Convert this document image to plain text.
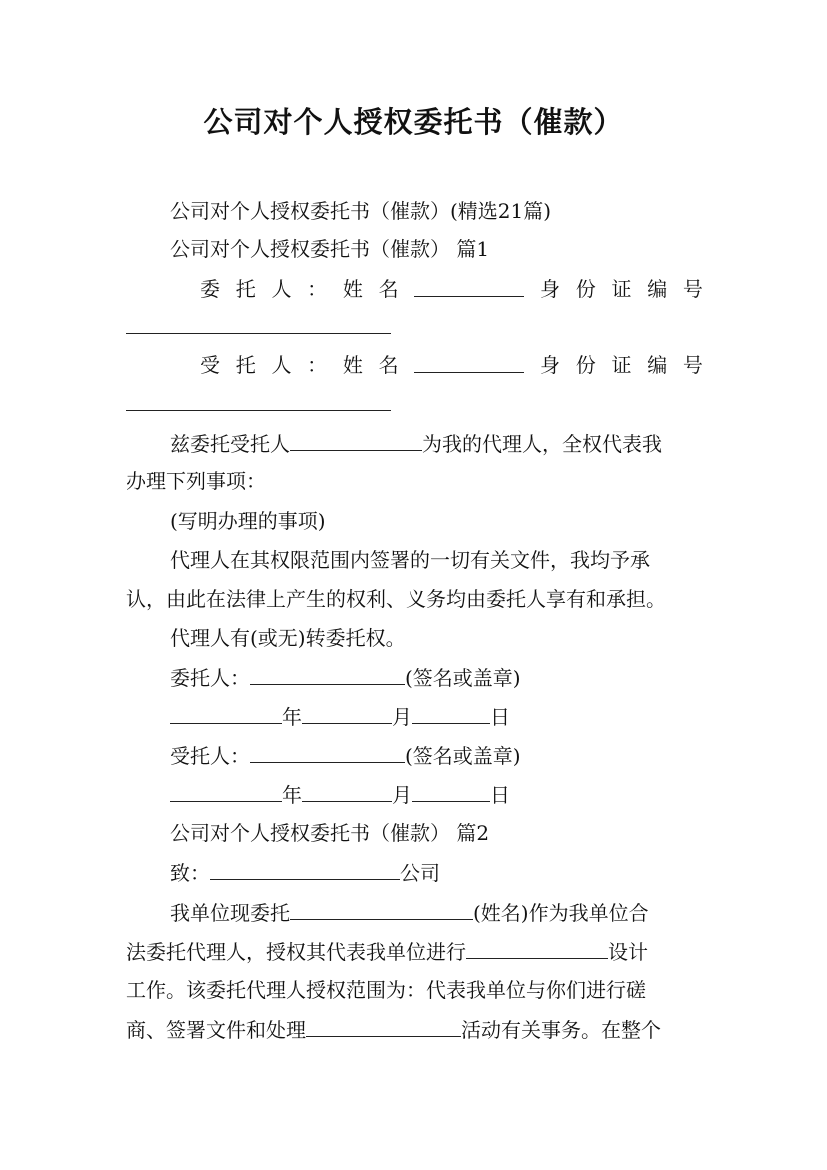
公司对个人授权委托书（催款）
公司对个人授权委托书（催款）(精选21篇)
公司对个人授权委托书（催款） 篇1
委 托 人 ： 姓 名	身 份 证 编 号
受 托 人 ： 姓 名	身 份 证 编 号
兹委托受托人	为我的代理人，全权代表我
办理下列事项：
(写明办理的事项)
代理人在其权限范围内签署的一切有关文件，我均予承
认，由此在法律上产生的权利、义务均由委托人享有和承担。
代理人有(或无)转委托权。
委托人：	(签名或盖章)
年	月	日
受托人：	(签名或盖章)
年	月	日
公司对个人授权委托书（催款） 篇2
致：	公司
我单位现委托	(姓名)作为我单位合
法委托代理人，授权其代表我单位进行	设计
工作。该委托代理人授权范围为：代表我单位与你们进行磋
商、签署文件和处理	活动有关事务。在整个
